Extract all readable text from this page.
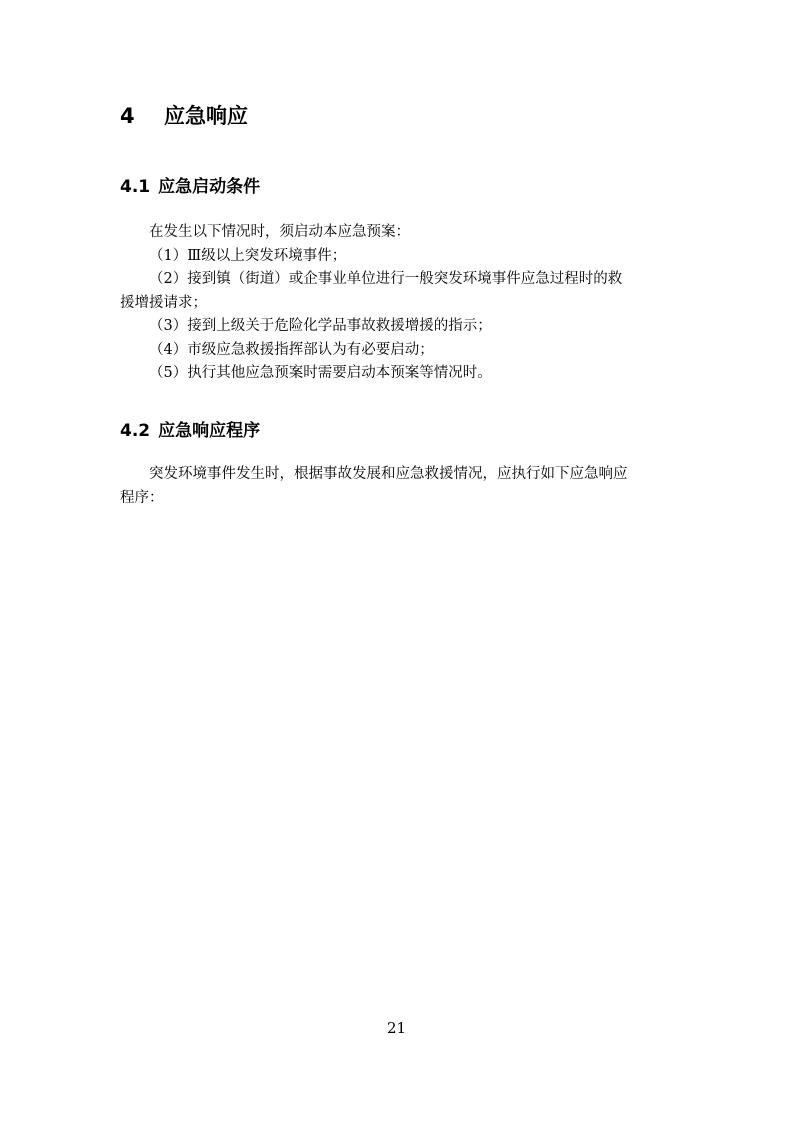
4 应急响应
4.1 应急启动条件
在发生以下情况时，须启动本应急预案：
（1）Ⅲ级以上突发环境事件；
（2）接到镇（街道）或企事业单位进行一般突发环境事件应急过程时的救
援增援请求；
（3）接到上级关于危险化学品事故救援增援的指示；
（4）市级应急救援指挥部认为有必要启动；
（5）执行其他应急预案时需要启动本预案等情况时。
4.2 应急响应程序
突发环境事件发生时，根据事故发展和应急救援情况，应执行如下应急响应
程序：
21
